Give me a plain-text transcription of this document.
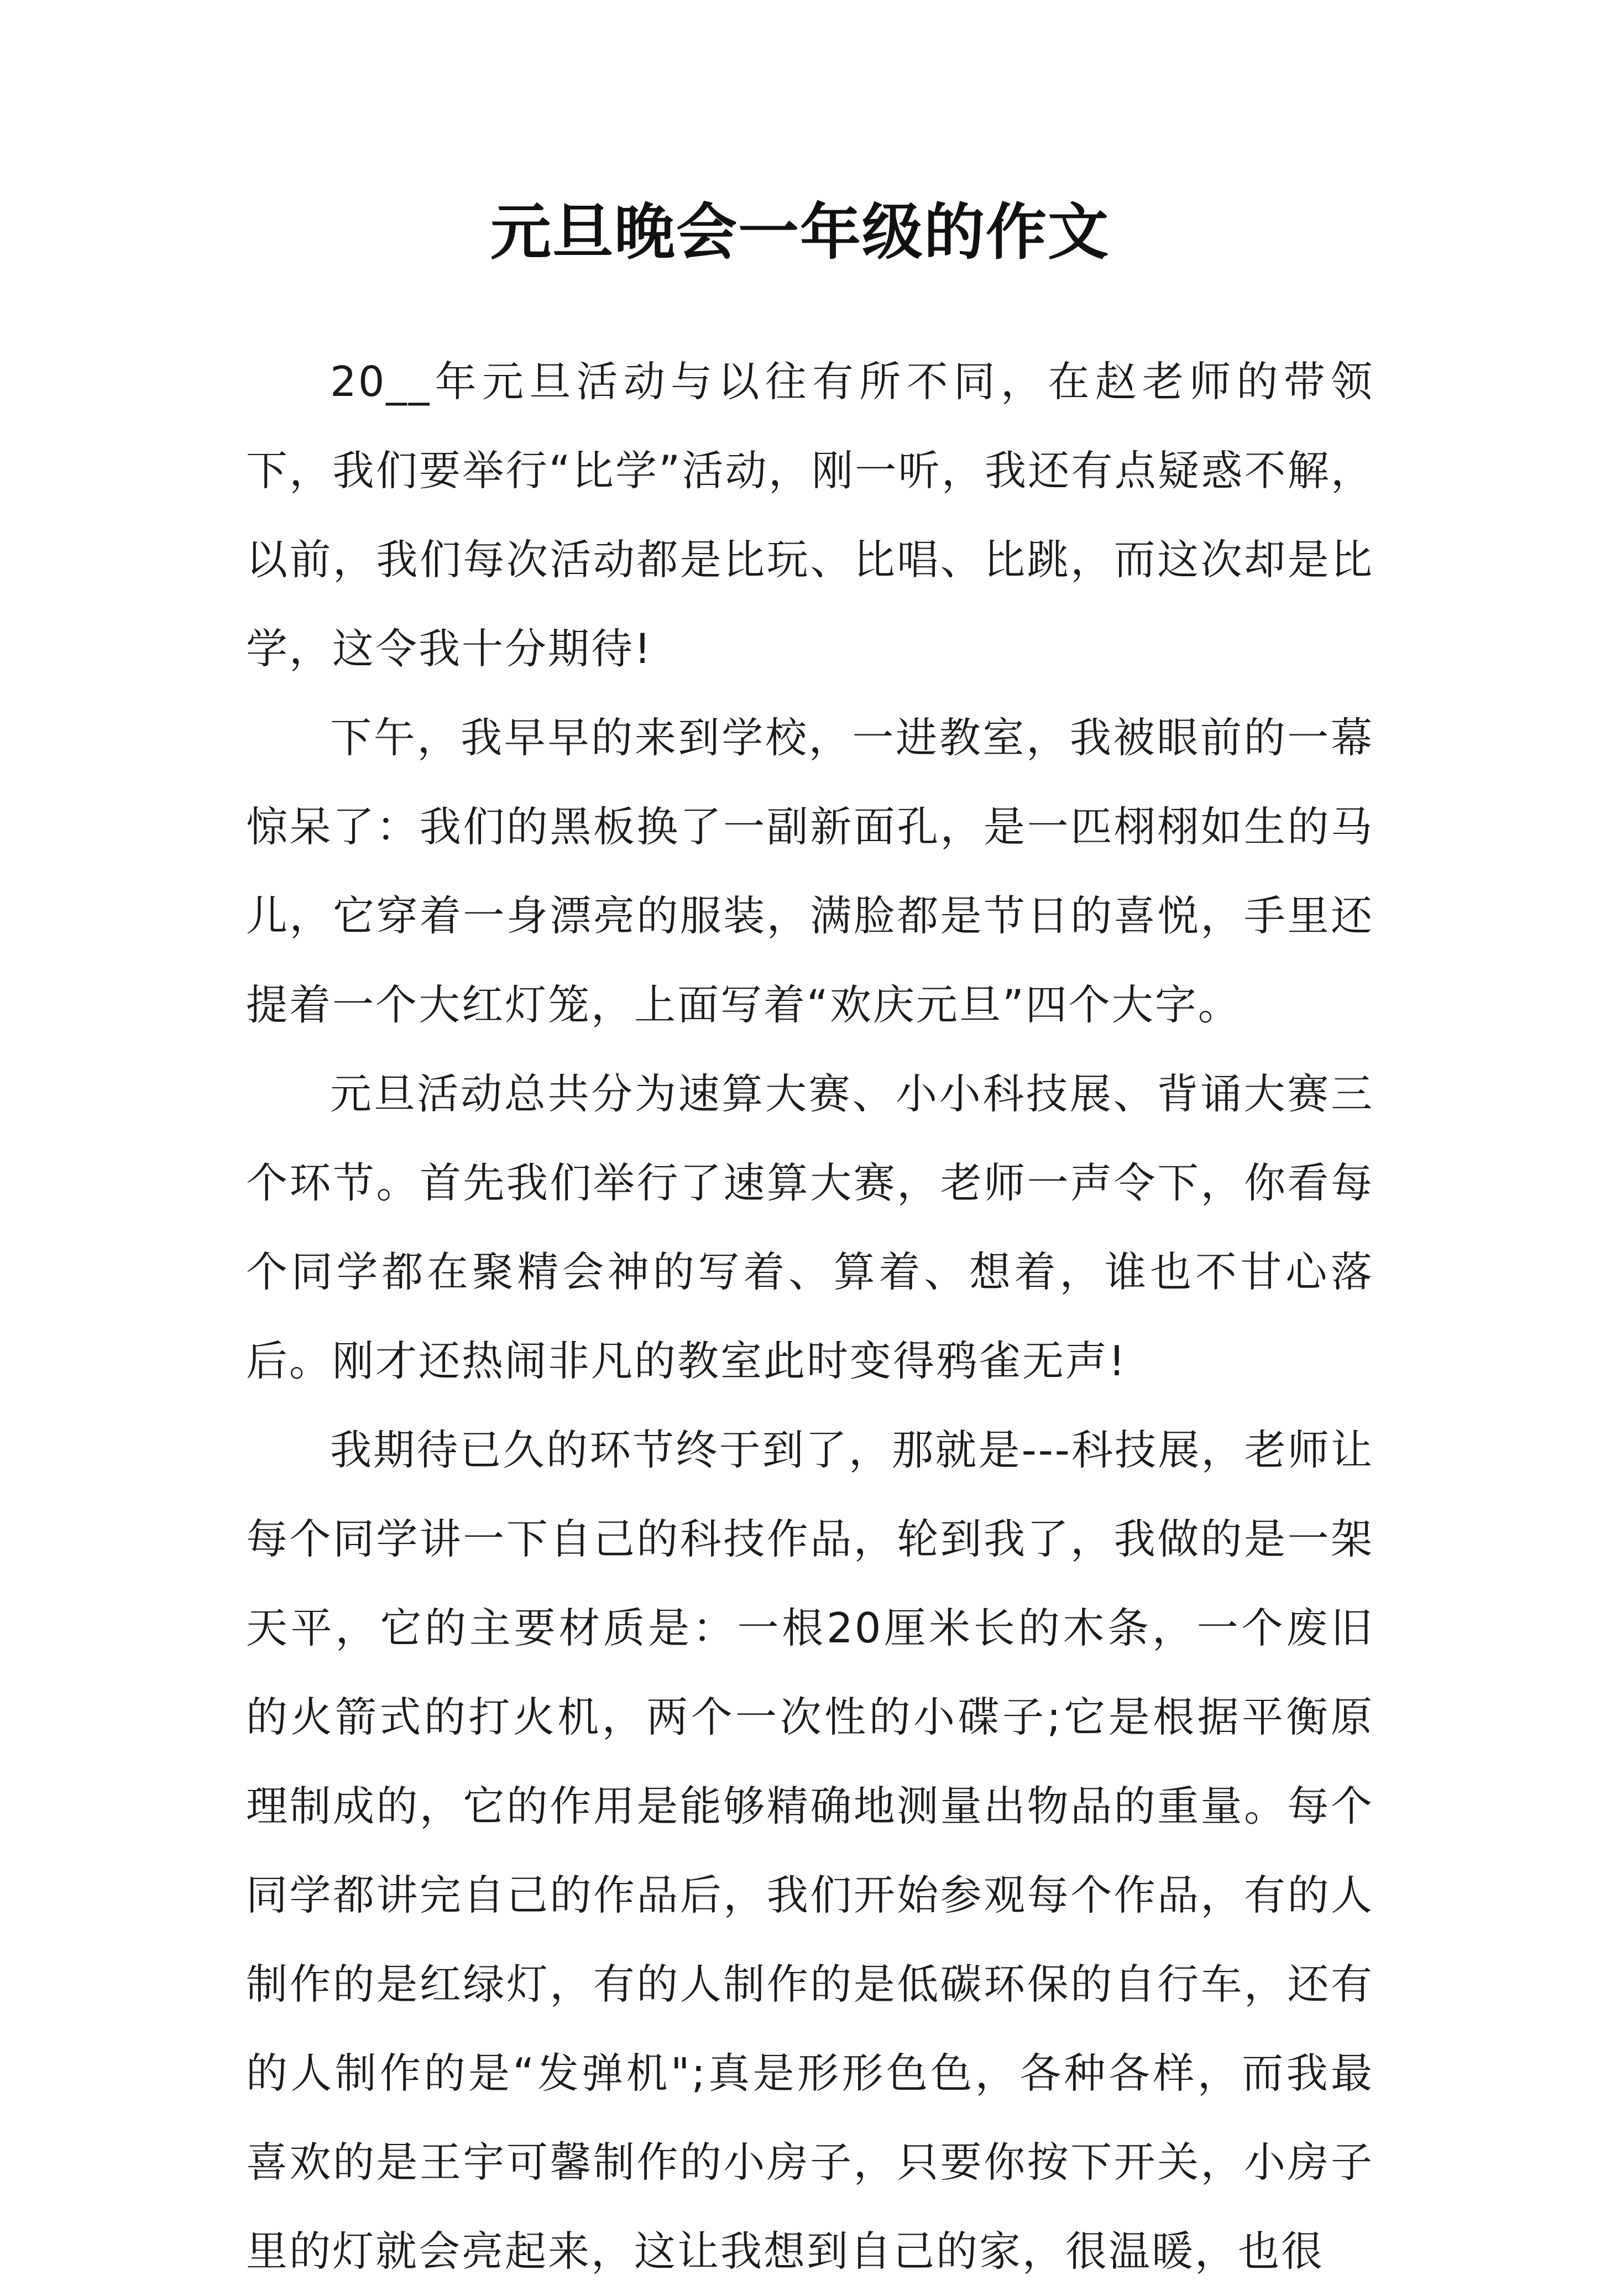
元旦晚会一年级的作文

20__年元旦活动与以往有所不同，在赵老师的带领下，我们要举行“比学”活动，刚一听，我还有点疑惑不解，以前，我们每次活动都是比玩、比唱、比跳，而这次却是比学，这令我十分期待!

下午，我早早的来到学校，一进教室，我被眼前的一幕惊呆了：我们的黑板换了一副新面孔，是一匹栩栩如生的马儿，它穿着一身漂亮的服装，满脸都是节日的喜悦，手里还提着一个大红灯笼，上面写着“欢庆元旦”四个大字。

元旦活动总共分为速算大赛、小小科技展、背诵大赛三个环节。首先我们举行了速算大赛，老师一声令下，你看每个同学都在聚精会神的写着、算着、想着，谁也不甘心落后。刚才还热闹非凡的教室此时变得鸦雀无声!

我期待已久的环节终于到了，那就是---科技展，老师让每个同学讲一下自己的科技作品，轮到我了，我做的是一架天平，它的主要材质是：一根20厘米长的木条，一个废旧的火箭式的打火机，两个一次性的小碟子;它是根据平衡原理制成的，它的作用是能够精确地测量出物品的重量。每个同学都讲完自己的作品后，我们开始参观每个作品，有的人制作的是红绿灯，有的人制作的是低碳环保的自行车，还有的人制作的是“发弹机";真是形形色色，各种各样，而我最喜欢的是王宇可馨制作的小房子，只要你按下开关，小房子里的灯就会亮起来，这让我想到自己的家，很温暖，也很
